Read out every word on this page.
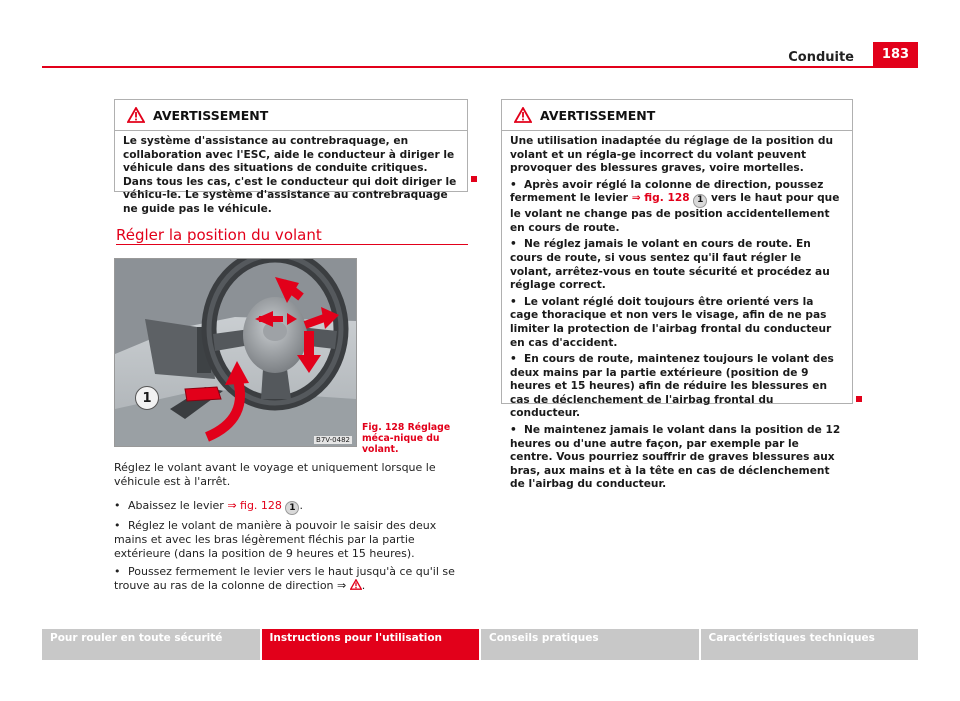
Conduite	183
AVERTISSEMENT

Le système d'assistance au contrebraquage, en collaboration avec l'ESC, aide le conducteur à diriger le véhicule dans des situations de conduite critiques. Dans tous les cas, c'est le conducteur qui doit diriger le véhicu-le. Le système d'assistance au contrebraquage ne guide pas le véhicule.

Régler la position du volant
1
B7V-0482
Fig. 128 Réglage méca-nique du volant.

Réglez le volant avant le voyage et uniquement lorsque le véhicule est à l'arrêt.

• Abaissez le levier ⇒ fig. 128 1 .

• Réglez le volant de manière à pouvoir le saisir des deux mains et avec les bras légèrement fléchis par la partie extérieure (dans la position de 9 heures et 15 heures).

• Poussez fermement le levier vers le haut jusqu'à ce qu'il se trouve au ras de la colonne de direction ⇒ .

AVERTISSEMENT

Une utilisation inadaptée du réglage de la position du volant et un régla-ge incorrect du volant peuvent provoquer des blessures graves, voire mortelles.

• Après avoir réglé la colonne de direction, poussez fermement le levier ⇒ fig. 128 1 vers le haut pour que le volant ne change pas de position accidentellement en cours de route.

• Ne réglez jamais le volant en cours de route. En cours de route, si vous sentez qu'il faut régler le volant, arrêtez-vous en toute sécurité et procédez au réglage correct.

• Le volant réglé doit toujours être orienté vers la cage thoracique et non vers le visage, afin de ne pas limiter la protection de l'airbag frontal du conducteur en cas d'accident.

• En cours de route, maintenez toujours le volant des deux mains par la partie extérieure (position de 9 heures et 15 heures) afin de réduire les blessures en cas de déclenchement de l'airbag frontal du conducteur.

• Ne maintenez jamais le volant dans la position de 12 heures ou d'une autre façon, par exemple par le centre. Vous pourriez souffrir de graves blessures aux bras, aux mains et à la tête en cas de déclenchement de l'airbag du conducteur.

Pour rouler en toute sécurité	Instructions pour l'utilisation	Conseils pratiques	Caractéristiques techniques
